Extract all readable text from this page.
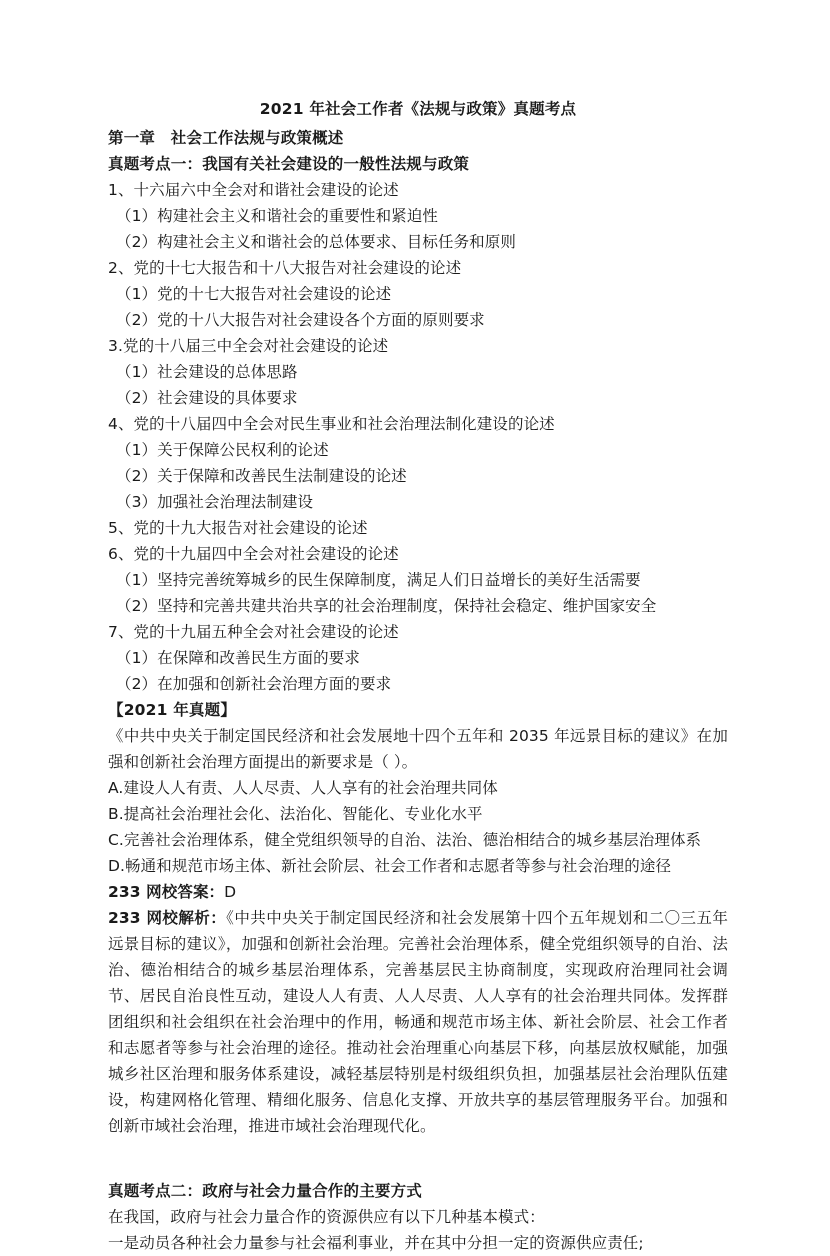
2021 年社会工作者《法规与政策》真题考点
第一章　社会工作法规与政策概述
真题考点一：我国有关社会建设的一般性法规与政策
1、十六届六中全会对和谐社会建设的论述
（1）构建社会主义和谐社会的重要性和紧迫性
（2）构建社会主义和谐社会的总体要求、目标任务和原则
2、党的十七大报告和十八大报告对社会建设的论述
（1）党的十七大报告对社会建设的论述
（2）党的十八大报告对社会建设各个方面的原则要求
3.党的十八届三中全会对社会建设的论述
（1）社会建设的总体思路
（2）社会建设的具体要求
4、党的十八届四中全会对民生事业和社会治理法制化建设的论述
（1）关于保障公民权利的论述
（2）关于保障和改善民生法制建设的论述
（3）加强社会治理法制建设
5、党的十九大报告对社会建设的论述
6、党的十九届四中全会对社会建设的论述
（1）坚持完善统筹城乡的民生保障制度，满足人们日益增长的美好生活需要
（2）坚持和完善共建共治共享的社会治理制度，保持社会稳定、维护国家安全
7、党的十九届五种全会对社会建设的论述
（1）在保障和改善民生方面的要求
（2）在加强和创新社会治理方面的要求
【2021 年真题】
《中共中央关于制定国民经济和社会发展地十四个五年和 2035 年远景目标的建议》在加强和创新社会治理方面提出的新要求是（ ）。
A.建设人人有责、人人尽责、人人享有的社会治理共同体
B.提高社会治理社会化、法治化、智能化、专业化水平
C.完善社会治理体系，健全党组织领导的自治、法治、德治相结合的城乡基层治理体系
D.畅通和规范市场主体、新社会阶层、社会工作者和志愿者等参与社会治理的途径
233 网校答案：D
233 网校解析：《中共中央关于制定国民经济和社会发展第十四个五年规划和二〇三五年远景目标的建议》，加强和创新社会治理。完善社会治理体系，健全党组织领导的自治、法治、德治相结合的城乡基层治理体系，完善基层民主协商制度，实现政府治理同社会调节、居民自治良性互动，建设人人有责、人人尽责、人人享有的社会治理共同体。发挥群团组织和社会组织在社会治理中的作用，畅通和规范市场主体、新社会阶层、社会工作者和志愿者等参与社会治理的途径。推动社会治理重心向基层下移，向基层放权赋能，加强城乡社区治理和服务体系建设，减轻基层特别是村级组织负担，加强基层社会治理队伍建设，构建网格化管理、精细化服务、信息化支撑、开放共享的基层管理服务平台。加强和创新市域社会治理，推进市域社会治理现代化。
真题考点二：政府与社会力量合作的主要方式
在我国，政府与社会力量合作的资源供应有以下几种基本模式：
一是动员各种社会力量参与社会福利事业，并在其中分担一定的资源供应责任;
